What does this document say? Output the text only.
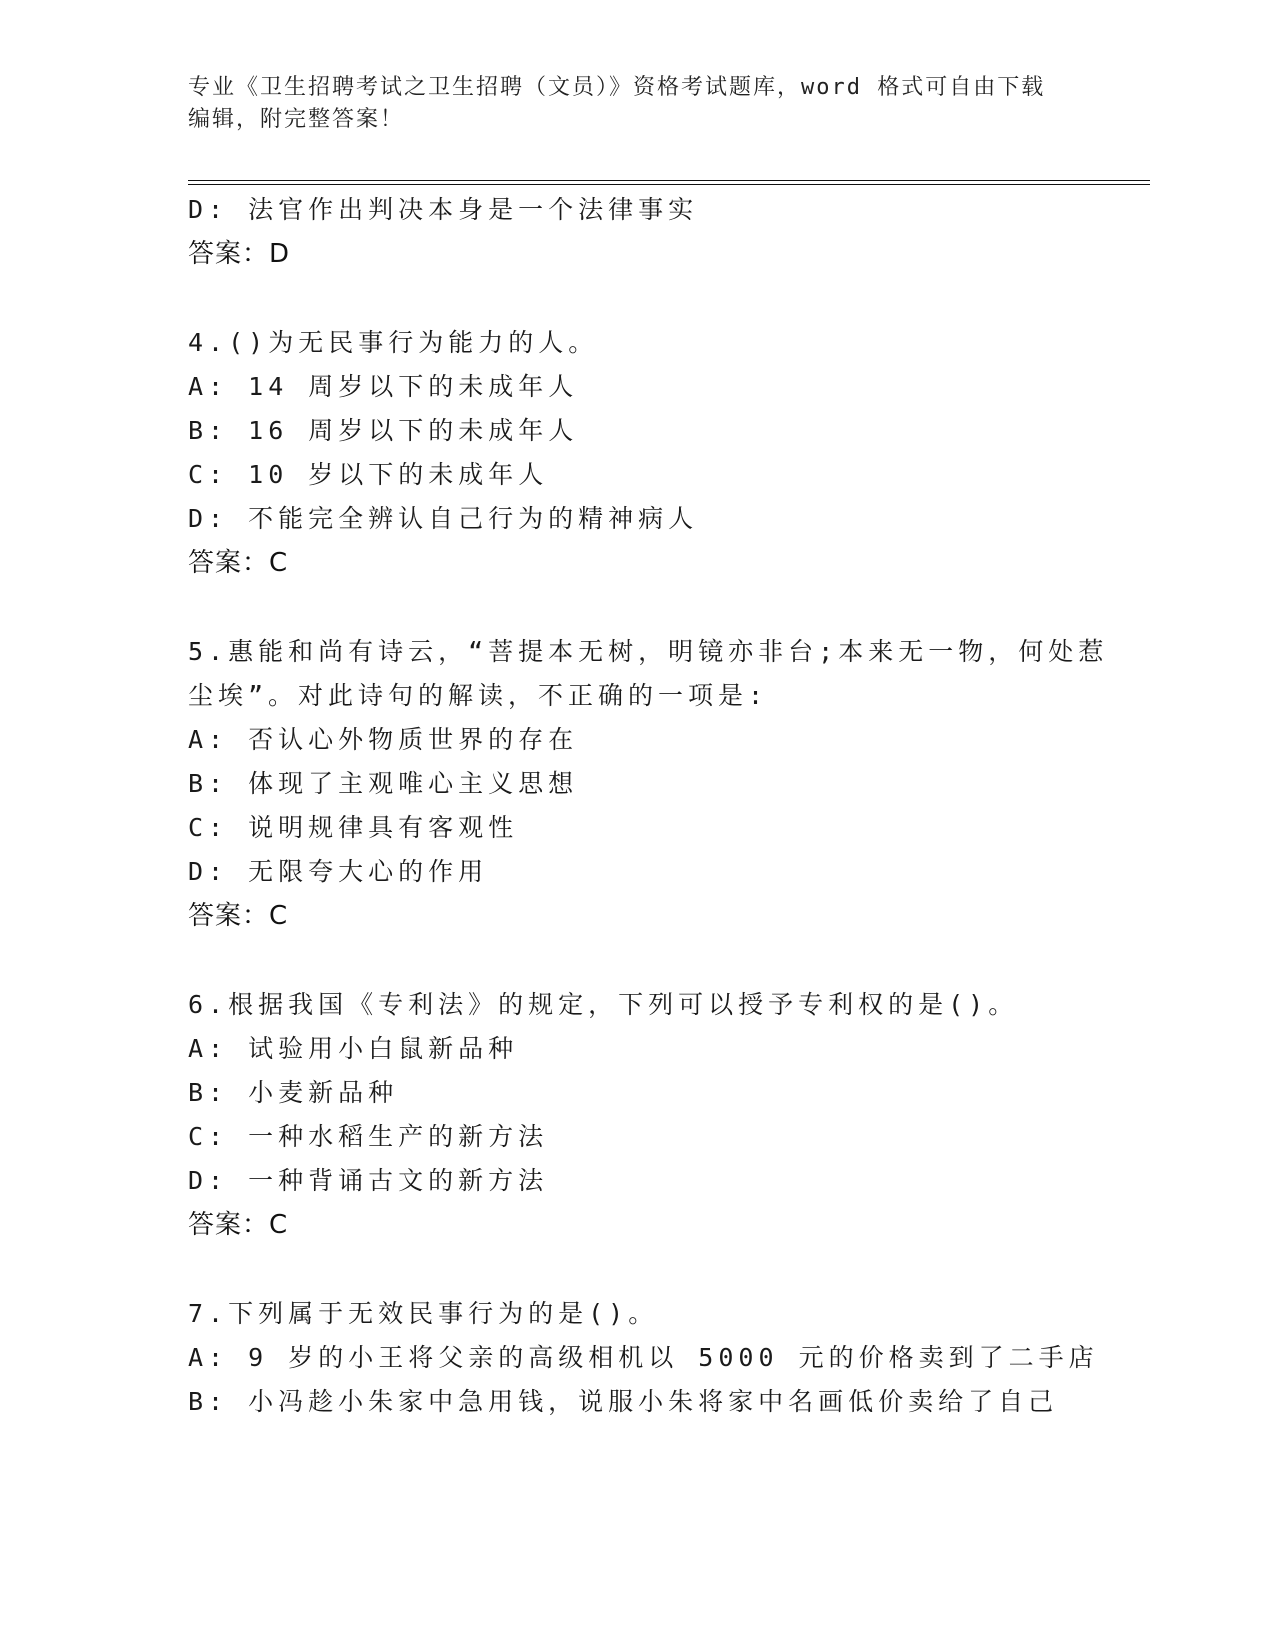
专业《卫生招聘考试之卫生招聘（文员）》资格考试题库，word 格式可自由下载
编辑，附完整答案！
D: 法官作出判决本身是一个法律事实
答案：D
4.()为无民事行为能力的人。
A: 14 周岁以下的未成年人
B: 16 周岁以下的未成年人
C: 10 岁以下的未成年人
D: 不能完全辨认自己行为的精神病人
答案：C
5.惠能和尚有诗云，“菩提本无树，明镜亦非台;本来无一物，何处惹
尘埃”。对此诗句的解读，不正确的一项是:
A: 否认心外物质世界的存在
B: 体现了主观唯心主义思想
C: 说明规律具有客观性
D: 无限夸大心的作用
答案：C
6.根据我国《专利法》的规定，下列可以授予专利权的是()。
A: 试验用小白鼠新品种
B: 小麦新品种
C: 一种水稻生产的新方法
D: 一种背诵古文的新方法
答案：C
7.下列属于无效民事行为的是()。
A: 9 岁的小王将父亲的高级相机以 5000 元的价格卖到了二手店
B: 小冯趁小朱家中急用钱，说服小朱将家中名画低价卖给了自己
